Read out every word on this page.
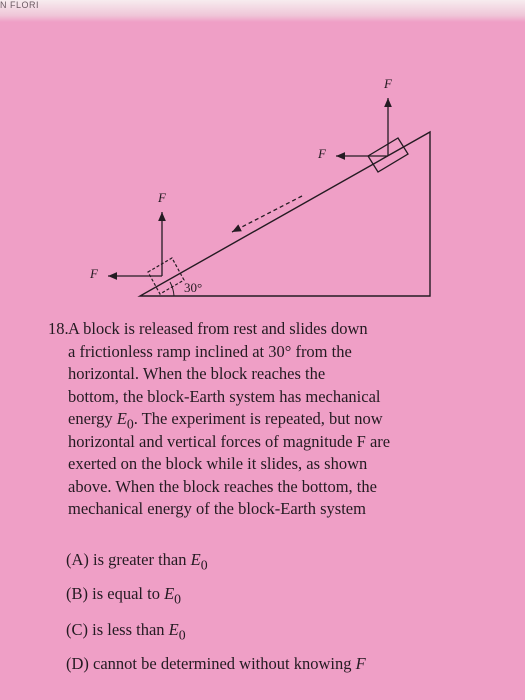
N FLORI
F
F
F
F
30°
18. A block is released from rest and slides down
a frictionless ramp inclined at 30° from the
horizontal. When the block reaches the
bottom, the block-Earth system has mechanical
energy $E_0$. The experiment is repeated, but now
horizontal and vertical forces of magnitude F are
exerted on the block while it slides, as shown
above. When the block reaches the bottom, the
mechanical energy of the block-Earth system
(A) is greater than $E_0$
(B) is equal to $E_0$
(C) is less than $E_0$
(D) cannot be determined without knowing F
